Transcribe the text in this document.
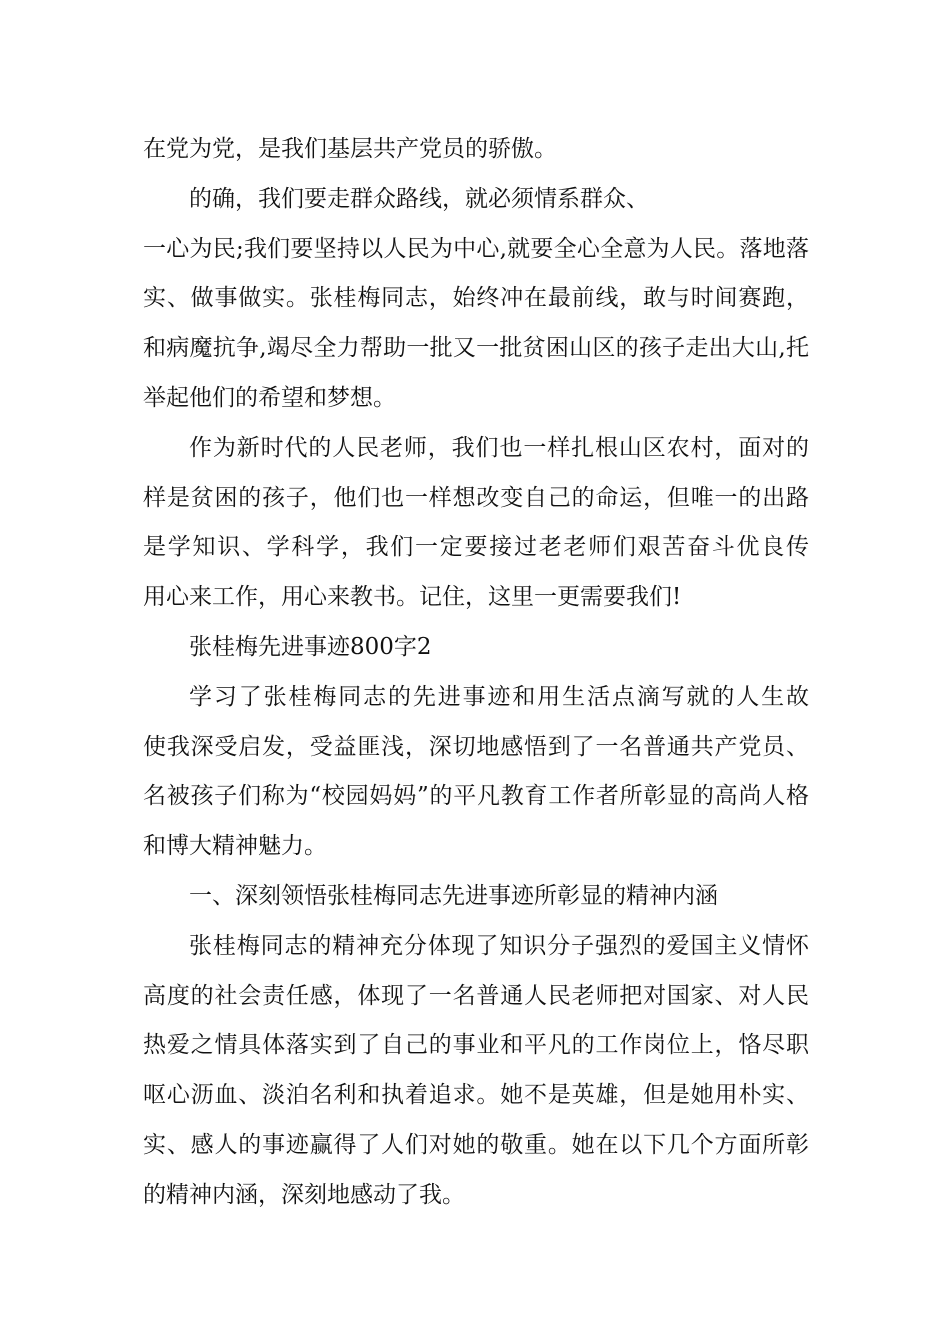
在党为党，是我们基层共产党员的骄傲。
的确，我们要走群众路线，就必须情系群众、
一心为民;我们要坚持以人民为中心,就要全心全意为人民。落地落
实、做事做实。张桂梅同志，始终冲在最前线，敢与时间赛跑，
和病魔抗争,竭尽全力帮助一批又一批贫困山区的孩子走出大山,托
举起他们的希望和梦想。
作为新时代的人民老师，我们也一样扎根山区农村，面对的
样是贫困的孩子，他们也一样想改变自己的命运，但唯一的出路
是学知识、学科学，我们一定要接过老老师们艰苦奋斗优良传
用心来工作，用心来教书。记住，这里一更需要我们!
张桂梅先进事迹800字2
学习了张桂梅同志的先进事迹和用生活点滴写就的人生故
使我深受启发，受益匪浅，深切地感悟到了一名普通共产党员、
名被孩子们称为“校园妈妈”的平凡教育工作者所彰显的高尚人格
和博大精神魅力。
一、深刻领悟张桂梅同志先进事迹所彰显的精神内涵
张桂梅同志的精神充分体现了知识分子强烈的爱国主义情怀
高度的社会责任感，体现了一名普通人民老师把对国家、对人民
热爱之情具体落实到了自己的事业和平凡的工作岗位上，恪尽职
呕心沥血、淡泊名利和执着追求。她不是英雄，但是她用朴实、
实、感人的事迹赢得了人们对她的敬重。她在以下几个方面所彰
的精神内涵，深刻地感动了我。
